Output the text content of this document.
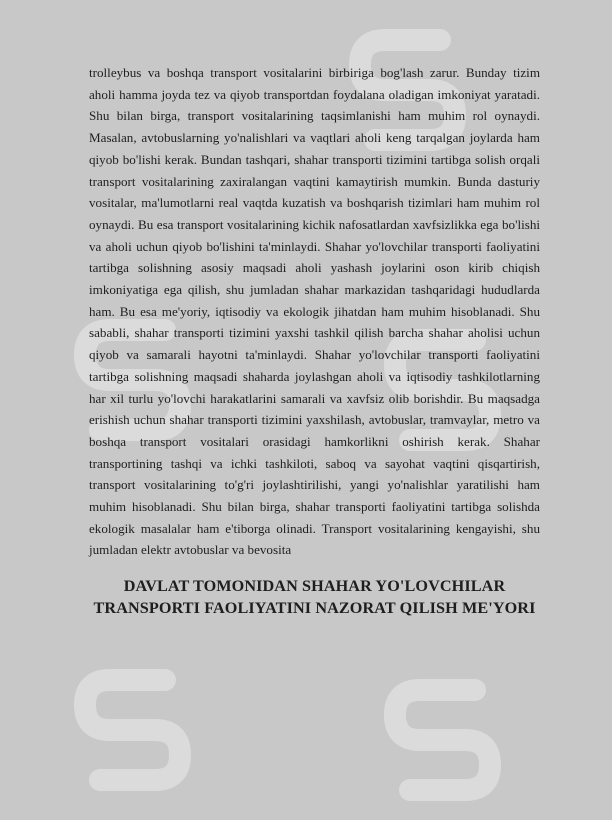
trolleybus va boshqa transport vositalarini birbiriga bog'lash zarur. Bunday tizim aholi hamma joyda tez va qiyob transportdan foydalana oladigan imkoniyat yaratadi. Shu bilan birga, transport vositalarining taqsimlanishi ham muhim rol oynaydi. Masalan, avtobuslarning yo'nalishlari va vaqtlari aholi keng tarqalgan joylarda ham qiyob bo'lishi kerak. Bundan tashqari, shahar transporti tizimini tartibga solish orqali transport vositalarining zaxiralangan vaqtini kamaytirish mumkin. Bunda dasturiy vositalar, ma'lumotlarni real vaqtda kuzatish va boshqarish tizimlari ham muhim rol oynaydi. Bu esa transport vositalarining kichik nafosatlardan xavfsizlikka ega bo'lishi va aholi uchun qiyob bo'lishini ta'minlaydi. Shahar yo'lovchilar transporti faoliyatini tartibga solishning asosiy maqsadi aholi yashash joylarini oson kirib chiqish imkoniyatiga ega qilish, shu jumladan shahar markazidan tashqaridagi hududlarda ham. Bu esa me'yoriy, iqtisodiy va ekologik jihatdan ham muhim hisoblanadi. Shu sababli, shahar transporti tizimini yaxshi tashkil qilish barcha shahar aholisi uchun qiyob va samarali hayotni ta'minlaydi. Shahar yo'lovchilar transporti faoliyatini tartibga solishning maqsadi shaharda joylashgan aholi va iqtisodiy tashkilotlarning har xil turlu yo'lovchi harakatlarini samarali va xavfsiz olib borishdir. Bu maqsadga erishish uchun shahar transporti tizimini yaxshilash, avtobuslar, tramvaylar, metro va boshqa transport vositalari orasidagi hamkorlikni oshirish kerak. Shahar transportining tashqi va ichki tashkiloti, saboq va sayohat vaqtini qisqartirish, transport vositalarining to'g'ri joylashtirilishi, yangi yo'nalishlar yaratilishi ham muhim hisoblanadi. Shu bilan birga, shahar transporti faoliyatini tartibga solishda ekologik masalalar ham e'tiborga olinadi. Transport vositalarining kengayishi, shu jumladan elektr avtobuslar va bevosita

DAVLAT TOMONIDAN SHAHAR YO'LOVCHILAR TRANSPORTI FAOLIYATINI NAZORAT QILISH ME'YORI
